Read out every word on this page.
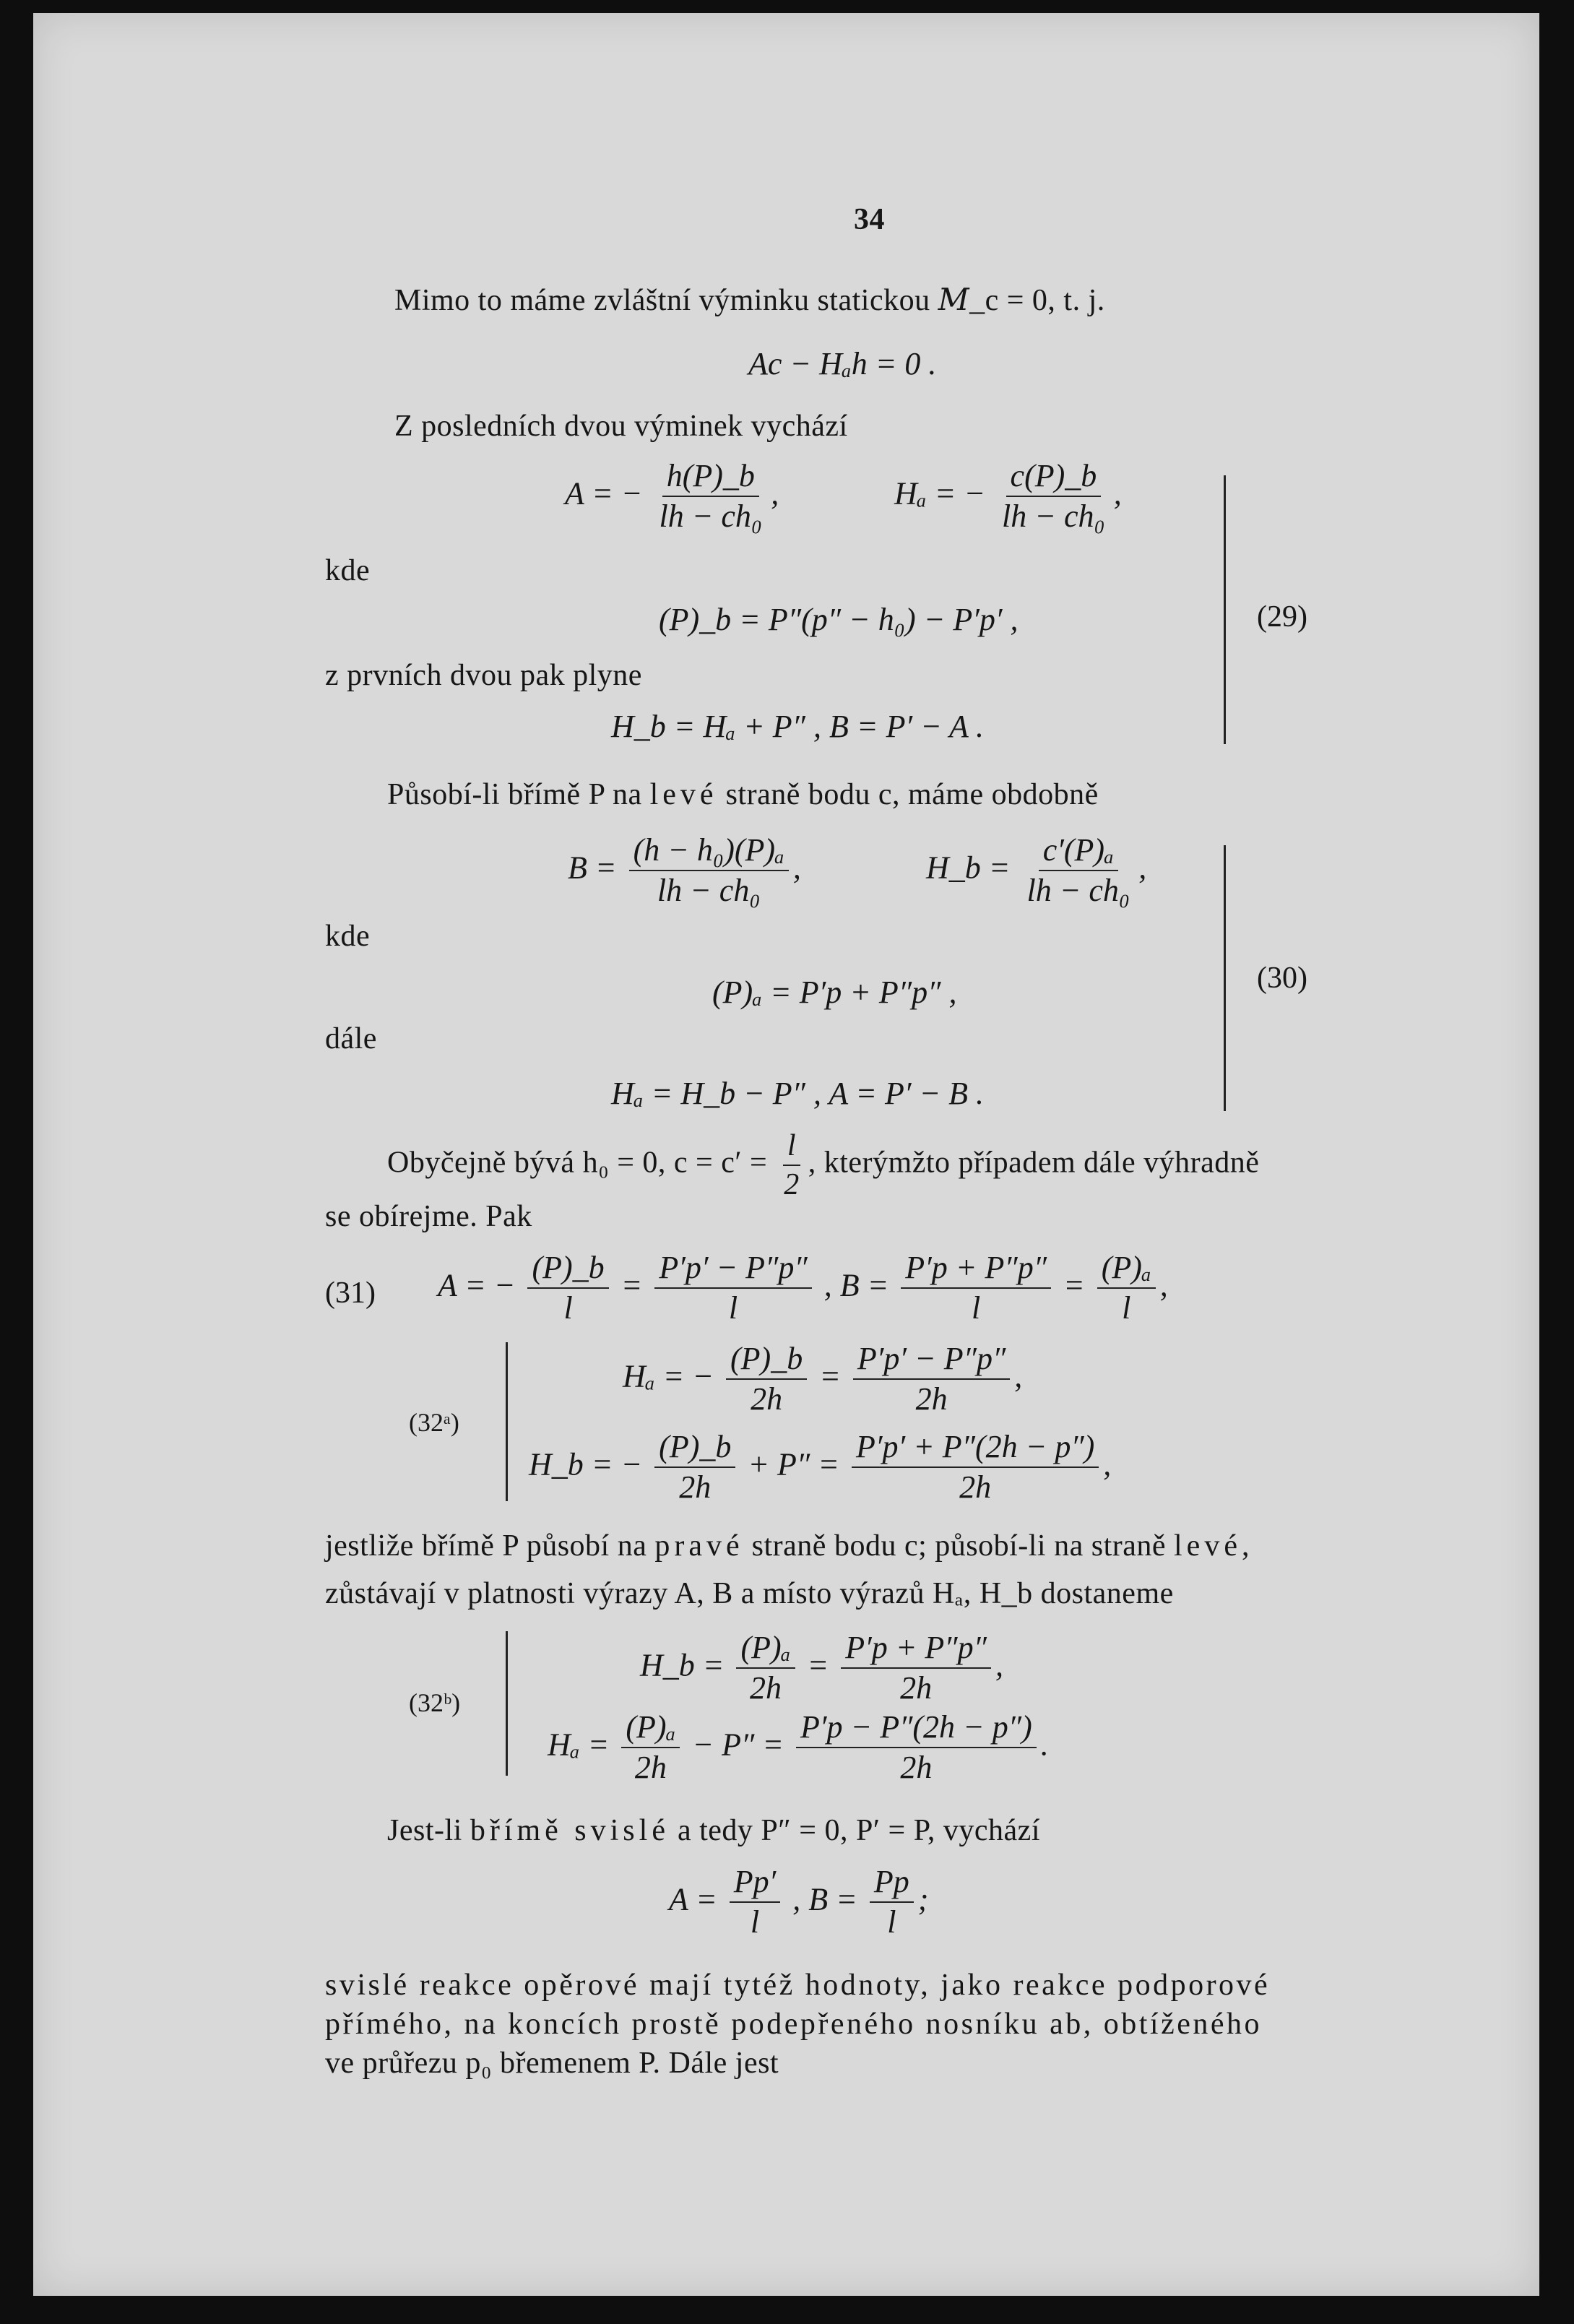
34
Mimo to máme zvláštní výminku statickou 𝑀_c = 0, t. j.
Ac − Hₐh = 0 .
Z posledních dvou výminek vychází
A = − $\frac{h(P)\_b}{\text{lh − ch₀}}$ ,	Hₐ = − $\frac{c(P)\_b}{\text{lh − ch₀}}$ ,
kde
(P)_b = P″(p″ − h₀) − P′p′ ,
z prvních dvou pak plyne
H_b = Hₐ + P″ , B = P′ − A .
(29)
Působí-li břímě P na levé straně bodu c, máme obdobně
$B = \frac{\text{(h − h₀)(P)ₐ}}{\text{lh − ch₀}}$ ,	H_b = $\frac{\text{c′(P)ₐ}}{\text{lh − ch₀}}$ ,
kde
(P)ₐ = P′p + P″p″ ,
dále
Hₐ = H_b − P″ , A = P′ − B .
(30)
Obyčejně bývá h₀ = 0, $c = c' = \frac{l}{2}$ , kterýmžto případem dále výhradně
se obírejme. Pak
(31) A = − $\frac{(P)\_b}{l} = \frac{P'p' - P''p''}{l}$ , $B = \frac{P'p + P''p''}{l} = \frac{\text{(P)ₐ}}{l}$ ,
(32ᵃ)
Hₐ = − $\frac{(P)\_b}{2h} = \frac{P'p' - P''p''}{2h}$ ,
H_b = − $\frac{(P)\_b}{2h} + P'' = \frac{P'p' + P''(2h - p'')}{2h}$ ,
jestliže břímě P působí na pravé straně bodu c; působí-li na straně levé,
zůstávají v platnosti výrazy A, B a místo výrazů Hₐ, H_b dostaneme
(32ᵇ)
H_b = $\frac{\text{(P)ₐ}}{2h} = \frac{P'p + P''p''}{2h}$ ,
$H_a = \frac{\text{(P)ₐ}}{2h} - P'' = \frac{P'p - P''(2h - p'')}{2h}$ .
Jest-li břímě svislé a tedy P″ = 0, P′ = P, vychází
$A = \frac{Pp'}{l}$ , $B = \frac{Pp}{l}$ ;
svislé reakce opěrové mají tytéž hodnoty, jako reakce podporové
přímého, na koncích prostě podepřeného nosníku ab, obtíženého
ve průřezu p₀ břemenem P. Dále jest
